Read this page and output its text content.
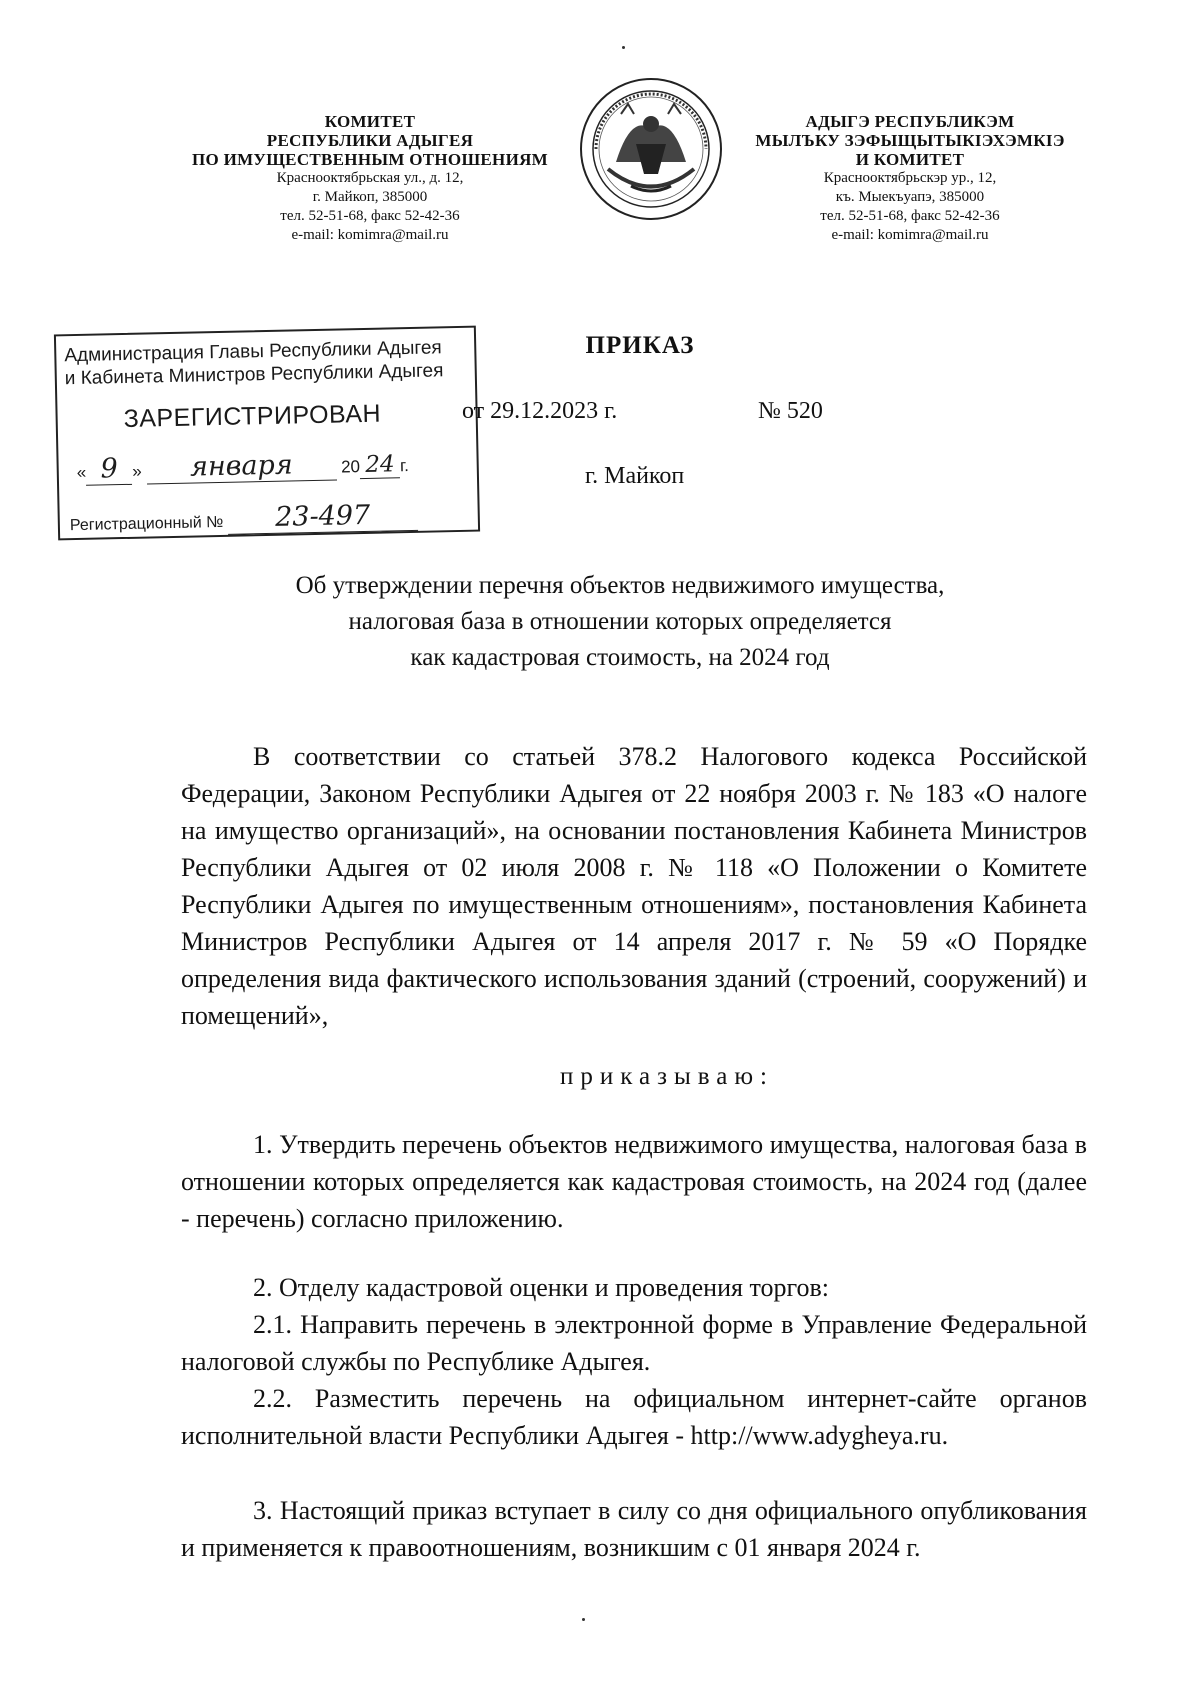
КОМИТЕТ
РЕСПУБЛИКИ АДЫГЕЯ
ПО ИМУЩЕСТВЕННЫМ ОТНОШЕНИЯМ
Краснооктябрьская ул., д. 12,
г. Майкоп, 385000
тел. 52-51-68, факс 52-42-36
e-mail: komimra@mail.ru
АДЫГЭ РЕСПУБЛИКЭМ
МЫЛЪКУ ЗЭФЫЩЫТЫКIЭХЭМКIЭ
И КОМИТЕТ
Краснооктябрьскэр ур., 12,
къ. Мыекъуапэ, 385000
тел. 52-51-68, факс 52-42-36
e-mail: komimra@mail.ru
Администрация Главы Республики Адыгея
и Кабинета Министров Республики Адыгея
ЗАРЕГИСТРИРОВАН
« 9 » января	20 24 г.
Регистрационный № 23-497
ПРИКАЗ
от 29.12.2023 г.	№ 520
г. Майкоп
Об утверждении перечня объектов недвижимого имущества,
налоговая база в отношении которых определяется
как кадастровая стоимость, на 2024 год

В соответствии со статьей 378.2 Налогового кодекса Российской Федерации, Законом Республики Адыгея от 22 ноября 2003 г. № 183 «О налоге на имущество организаций», на основании постановления Кабинета Министров Республики Адыгея от 02 июля 2008 г. № 118 «О Положении о Комитете Республики Адыгея по имущественным отношениям», постановления Кабинета Министров Республики Адыгея от 14 апреля 2017 г. № 59 «О Порядке определения вида фактического использования зданий (строений, сооружений) и помещений»,

приказываю:

1. Утвердить перечень объектов недвижимого имущества, налоговая база в отношении которых определяется как кадастровая стоимость, на 2024 год (далее - перечень) согласно приложению.

2. Отделу кадастровой оценки и проведения торгов:

2.1. Направить перечень в электронной форме в Управление Федеральной налоговой службы по Республике Адыгея.

2.2. Разместить перечень на официальном интернет-сайте органов исполнительной власти Республики Адыгея - http://www.adygheya.ru.

3. Настоящий приказ вступает в силу со дня официального опубликования и применяется к правоотношениям, возникшим с 01 января 2024 г.
